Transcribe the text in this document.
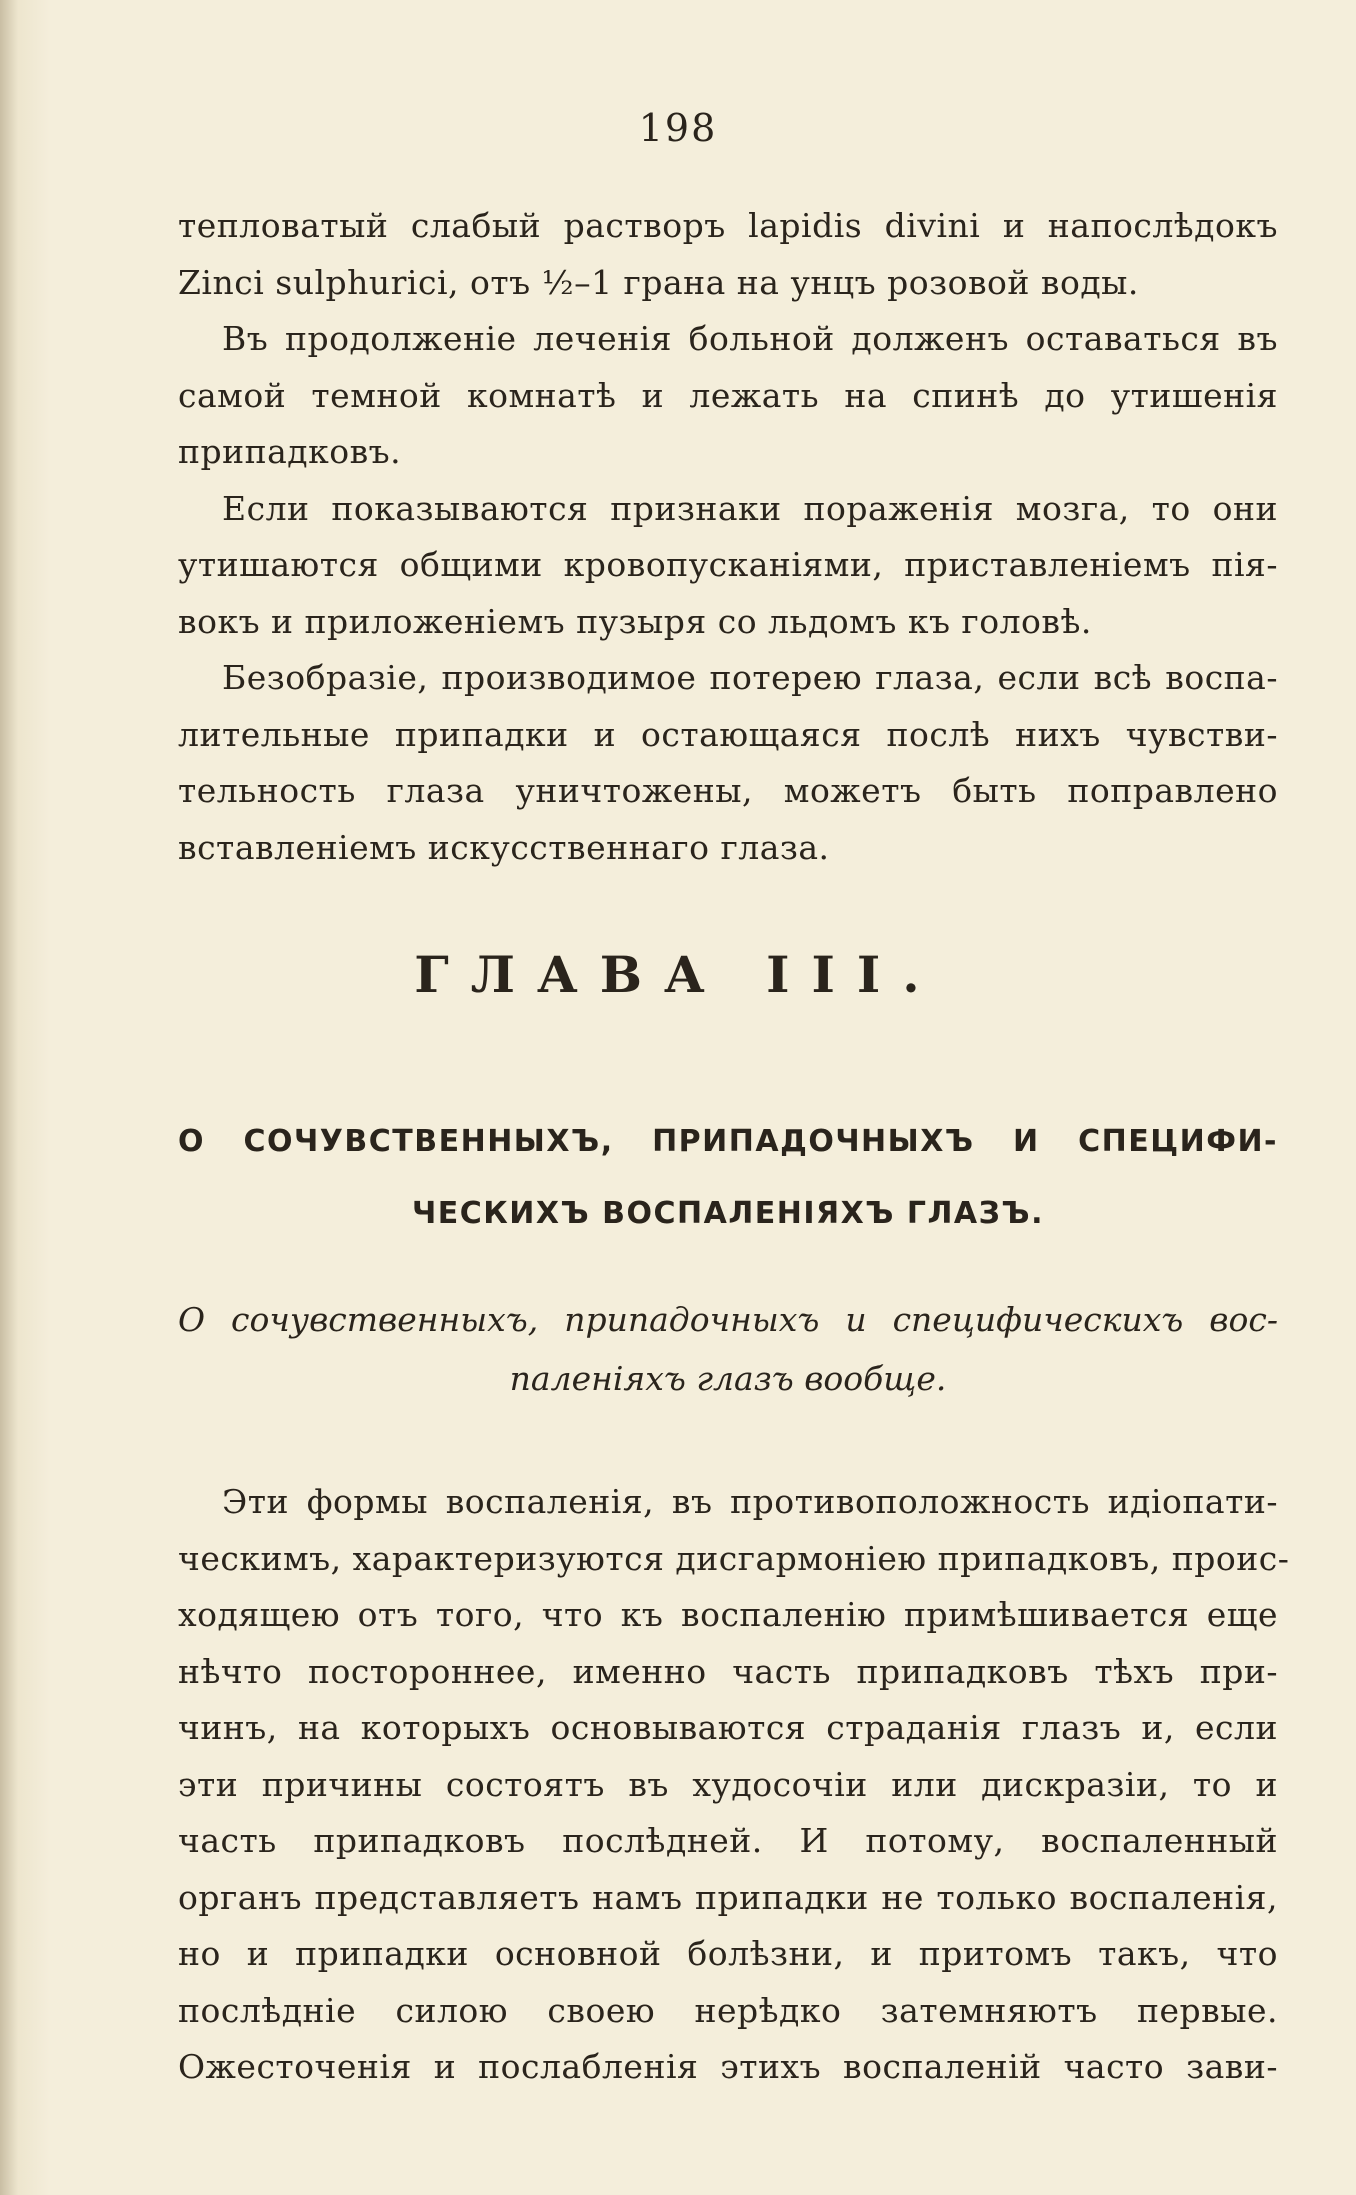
198
тепловатый слабый растворъ lapidis divini и напослѣдокъ
Zinci sulphurici, отъ ½–1 грана на унцъ розовой воды.
Въ продолженіе леченія больной долженъ оставаться въ
самой темной комнатѣ и лежать на спинѣ до утишенія
припадковъ.
Если показываются признаки пораженія мозга, то они
утишаются общими кровопусканіями, приставленіемъ пія-
вокъ и приложеніемъ пузыря со льдомъ къ головѣ.
Безобразіе, производимое потерею глаза, если всѣ воспа-
лительные припадки и остающаяся послѣ нихъ чувстви-
тельность глаза уничтожены, можетъ быть поправлено
вставленіемъ искусственнаго глаза.
ГЛАВА III.
О СОЧУВСТВЕННЫХЪ, ПРИПАДОЧНЫХЪ И СПЕЦИФИ-
ЧЕСКИХЪ ВОСПАЛЕНІЯХЪ ГЛАЗЪ.
О сочувственныхъ, припадочныхъ и специфическихъ вос-
паленіяхъ глазъ вообще.
Эти формы воспаленія, въ противоположность идіопати-
ческимъ, характеризуются дисгармоніею припадковъ, проис-
ходящею отъ того, что къ воспаленію примѣшивается еще
нѣчто постороннее, именно часть припадковъ тѣхъ при-
чинъ, на которыхъ основываются страданія глазъ и, если
эти причины состоятъ въ худосочіи или дискразіи, то и
часть припадковъ послѣдней. И потому, воспаленный
органъ представляетъ намъ припадки не только воспаленія,
но и припадки основной болѣзни, и притомъ такъ, что
послѣдніе силою своею нерѣдко затемняютъ первые.
Ожесточенія и послабленія этихъ воспаленій часто зави-
